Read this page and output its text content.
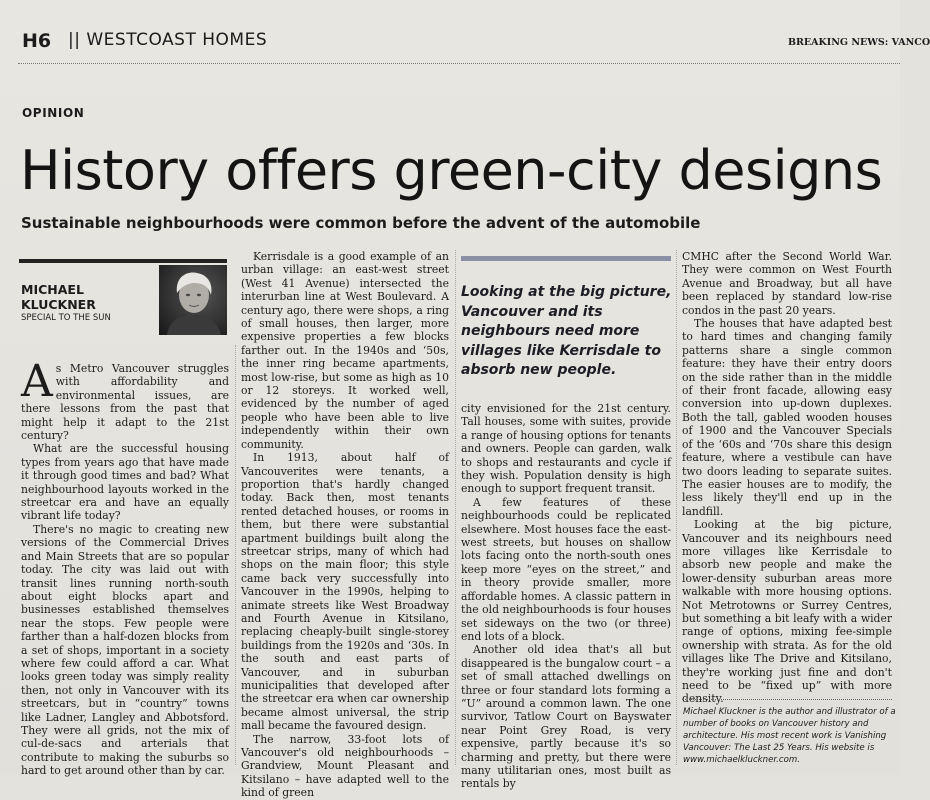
H6 || WESTCOAST HOMES	BREAKING NEWS: VANCO
OPINION
History offers green-city designs
Sustainable neighbourhoods were common before the advent of the automobile
MICHAEL
KLUCKNER
SPECIAL TO THE SUN

As Metro Vancouver struggles with affordability and environmental issues, are there lessons from the past that might help it adapt to the 21st century?

What are the successful housing types from years ago that have made it through good times and bad? What neighbourhood layouts worked in the streetcar era and have an equally vibrant life today?

There's no magic to creating new versions of the Commercial Drives and Main Streets that are so popular today. The city was laid out with transit lines running north-south about eight blocks apart and businesses established themselves near the stops. Few people were farther than a half-dozen blocks from a set of shops, important in a society where few could afford a car. What looks green today was simply reality then, not only in Vancouver with its streetcars, but in “country” towns like Ladner, Langley and Abbotsford. They were all grids, not the mix of cul-de-sacs and arterials that contribute to making the suburbs so hard to get around other than by car.

Kerrisdale is a good example of an urban village: an east-west street (West 41 Avenue) intersected the interurban line at West Boulevard. A century ago, there were shops, a ring of small houses, then larger, more expensive properties a few blocks farther out. In the 1940s and ‘50s, the inner ring became apartments, most low-rise, but some as high as 10 or 12 storeys. It worked well, evidenced by the number of aged people who have been able to live independently within their own community.

In 1913, about half of Vancouverites were tenants, a proportion that's hardly changed today. Back then, most tenants rented detached houses, or rooms in them, but there were substantial apartment buildings built along the streetcar strips, many of which had shops on the main floor; this style came back very successfully into Vancouver in the 1990s, helping to animate streets like West Broadway and Fourth Avenue in Kitsilano, replacing cheaply-built single-storey buildings from the 1920s and ‘30s. In the south and east parts of Vancouver, and in suburban municipalities that developed after the streetcar era when car ownership became almost universal, the strip mall became the favoured design.

The narrow, 33-foot lots of Vancouver's old neighbourhoods – Grandview, Mount Pleasant and Kitsilano – have adapted well to the kind of green

Looking at the big picture, Vancouver and its neighbours need more villages like Kerrisdale to absorb new people.

city envisioned for the 21st century. Tall houses, some with suites, provide a range of housing options for tenants and owners. People can garden, walk to shops and restaurants and cycle if they wish. Population density is high enough to support frequent transit.

A few features of these neighbourhoods could be replicated elsewhere. Most houses face the east-west streets, but houses on shallow lots facing onto the north-south ones keep more “eyes on the street,” and in theory provide smaller, more affordable homes. A classic pattern in the old neighbourhoods is four houses set sideways on the two (or three) end lots of a block.

Another old idea that's all but disappeared is the bungalow court – a set of small attached dwellings on three or four standard lots forming a “U” around a common lawn. The one survivor, Tatlow Court on Bayswater near Point Grey Road, is very expensive, partly because it's so charming and pretty, but there were many utilitarian ones, most built as rentals by

CMHC after the Second World War. They were common on West Fourth Avenue and Broadway, but all have been replaced by standard low-rise condos in the past 20 years.

The houses that have adapted best to hard times and changing family patterns share a single common feature: they have their entry doors on the side rather than in the middle of their front facade, allowing easy conversion into up-down duplexes. Both the tall, gabled wooden houses of 1900 and the Vancouver Specials of the ‘60s and ‘70s share this design feature, where a vestibule can have two doors leading to separate suites. The easier houses are to modify, the less likely they'll end up in the landfill.

Looking at the big picture, Vancouver and its neighbours need more villages like Kerrisdale to absorb new people and make the lower-density suburban areas more walkable with more housing options. Not Metrotowns or Surrey Centres, but something a bit leafy with a wider range of options, mixing fee-simple ownership with strata. As for the old villages like The Drive and Kitsilano, they're working just fine and don't need to be “fixed up” with more density.

Michael Kluckner is the author and illustrator of a number of books on Vancouver history and architecture. His most recent work is Vanishing Vancouver: The Last 25 Years. His website is www.michaelkluckner.com.
